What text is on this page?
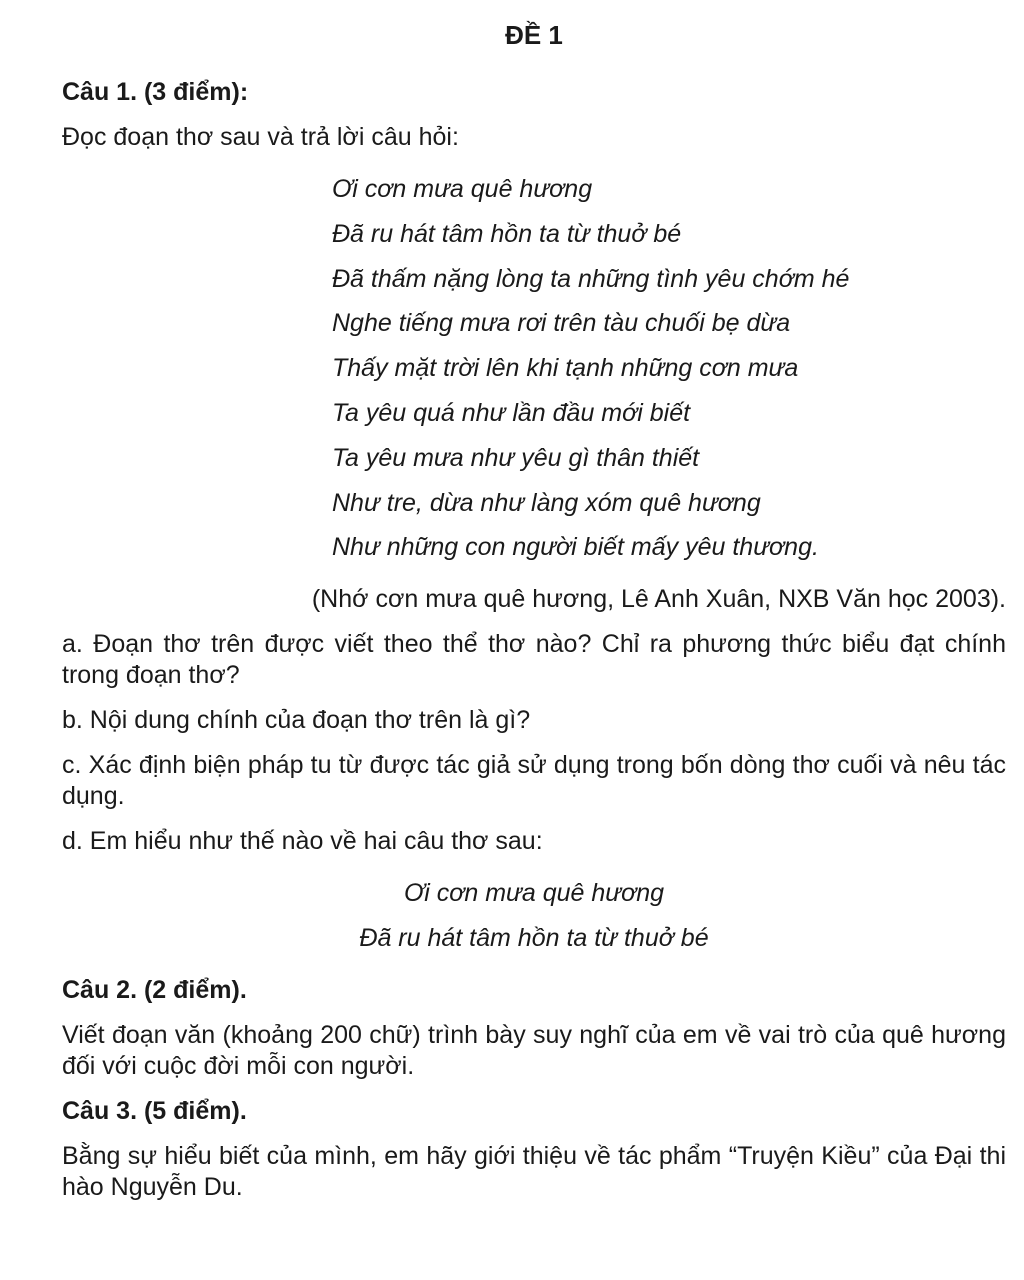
ĐỀ 1
Câu 1. (3 điểm):

Đọc đoạn thơ sau và trả lời câu hỏi:

Ơi cơn mưa quê hương
Đã ru hát tâm hồn ta từ thuở bé
Đã thấm nặng lòng ta những tình yêu chớm hé
Nghe tiếng mưa rơi trên tàu chuối bẹ dừa
Thấy mặt trời lên khi tạnh những cơn mưa
Ta yêu quá như lần đầu mới biết
Ta yêu mưa như yêu gì thân thiết
Như tre, dừa như làng xóm quê hương
Như những con người biết mấy yêu thương.
(Nhớ cơn mưa quê hương, Lê Anh Xuân, NXB Văn học 2003).

a. Đoạn thơ trên được viết theo thể thơ nào? Chỉ ra phương thức biểu đạt chính trong đoạn thơ?

b. Nội dung chính của đoạn thơ trên là gì?

c. Xác định biện pháp tu từ được tác giả sử dụng trong bốn dòng thơ cuối và nêu tác dụng.

d. Em hiểu như thế nào về hai câu thơ sau:

Ơi cơn mưa quê hương
Đã ru hát tâm hồn ta từ thuở bé
Câu 2. (2 điểm).

Viết đoạn văn (khoảng 200 chữ) trình bày suy nghĩ của em về vai trò của quê hương đối với cuộc đời mỗi con người.

Câu 3. (5 điểm).

Bằng sự hiểu biết của mình, em hãy giới thiệu về tác phẩm “Truyện Kiều” của Đại thi hào Nguyễn Du.
